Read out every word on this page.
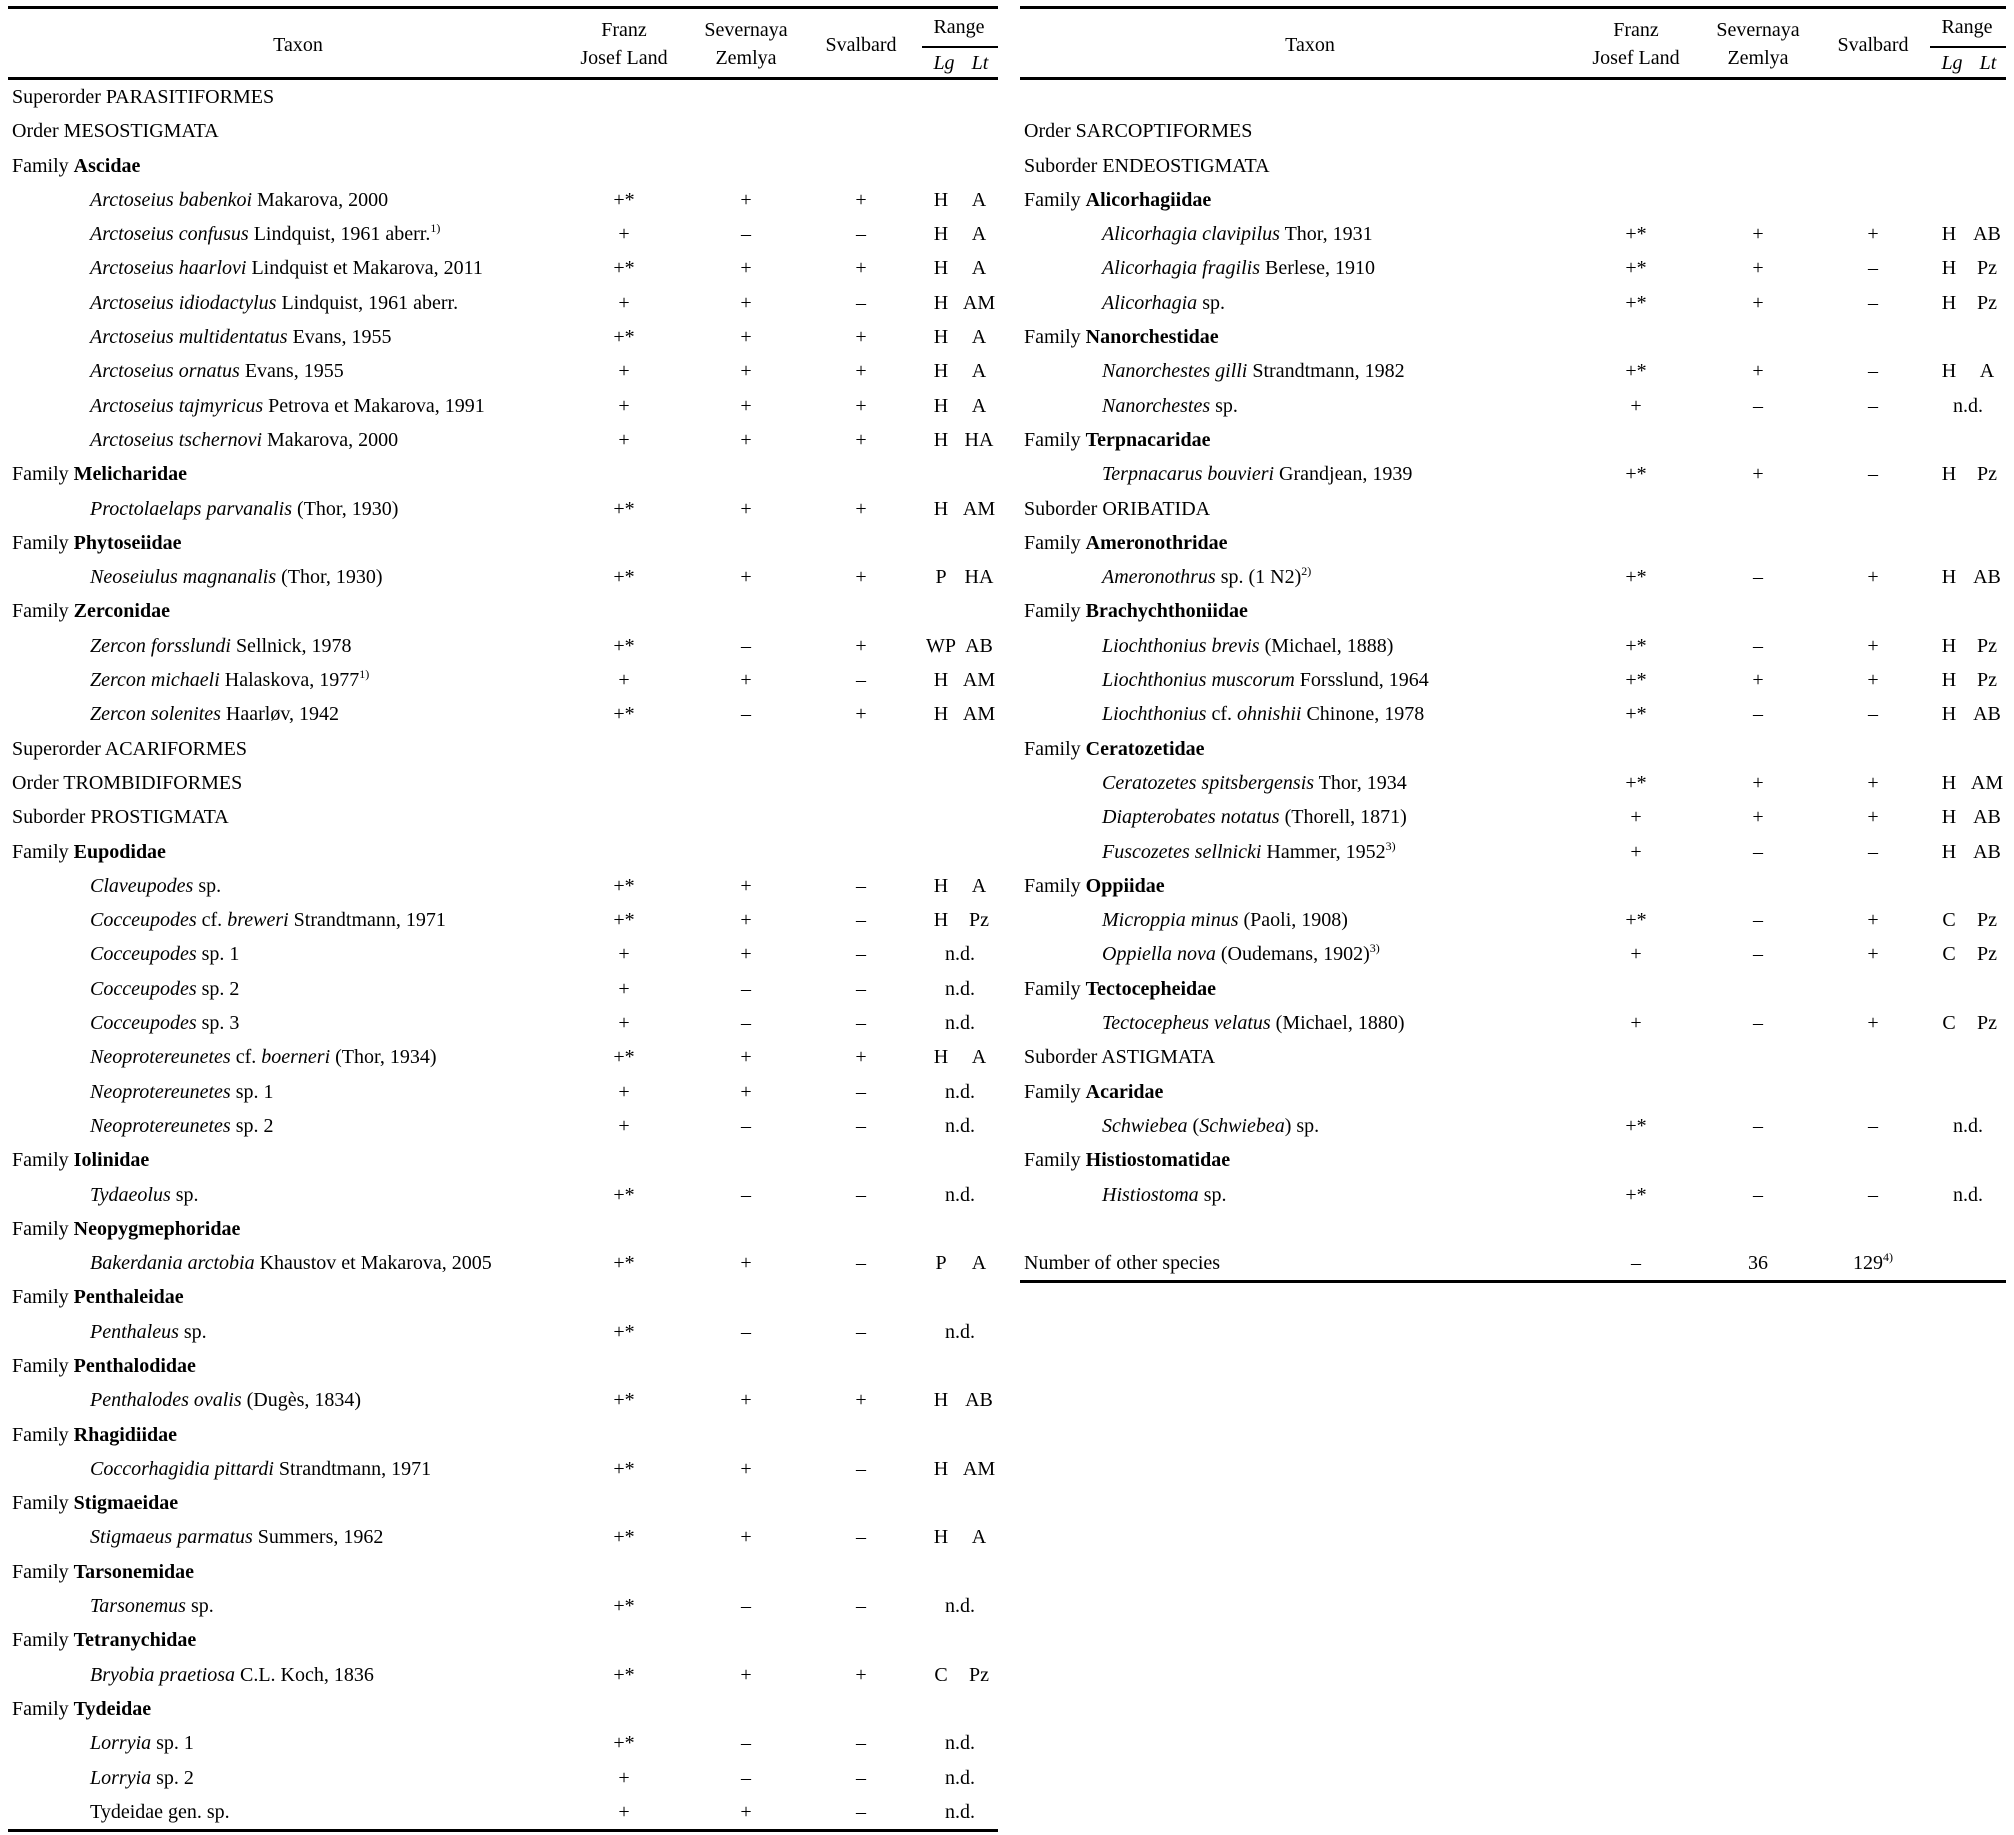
Taxon
Franz Josef Land
Severnaya Zemlya
Svalbard
Range
Lg Lt
Superorder PARASITIFORMES
Order MESOSTIGMATA
Family Ascidae
Arctoseius babenkoi Makarova, 2000	+*	+	+	H	A
Arctoseius confusus Lindquist, 1961 aberr.$^{1)}$	+	–	–	H	A
Arctoseius haarlovi Lindquist et Makarova, 2011	+*	+	+	H	A
Arctoseius idiodactylus Lindquist, 1961 aberr.	+	+	–	H AM
Arctoseius multidentatus Evans, 1955	+*	+	+	H	A
Arctoseius ornatus Evans, 1955	+	+	+	H	A
Arctoseius tajmyricus Petrova et Makarova, 1991	+	+	+	H	A
Arctoseius tschernovi Makarova, 2000	+	+	+	H HA
Family Melicharidae
Proctolaelaps parvanalis (Thor, 1930)	+*	+	+	H AM
Family Phytoseiidae
Neoseiulus magnanalis (Thor, 1930)	+*	+	+	P HA
Family Zerconidae
Zercon forsslundi Sellnick, 1978	+*	–	+	WP AB
Zercon michaeli Halaskova, $1977^{1)}$	+	+	–	H AM
Zercon solenites Haarløv, 1942	+*	–	+	H AM
Superorder ACARIFORMES
Order TROMBIDIFORMES
Suborder PROSTIGMATA
Family Eupodidae
Claveupodes sp.	+*	+	–	H	A
Cocceupodes cf. breweri Strandtmann, 1971	+*	+	–	H	Pz
Cocceupodes sp. 1	+	+	–	n.d.
Cocceupodes sp. 2	+	–	–	n.d.
Cocceupodes sp. 3	+	–	–	n.d.
Neoprotereunetes cf. boerneri (Thor, 1934)	+*	+	+	H	A
Neoprotereunetes sp. 1	+	+	–	n.d.
Neoprotereunetes sp. 2	+	–	–	n.d.
Family Iolinidae
Tydaeolus sp.	+*	–	–	n.d.
Family Neopygmephoridae
Bakerdania arctobia Khaustov et Makarova, 2005	+*	+	–	P	A
Family Penthaleidae
Penthaleus sp.	+*	–	–	n.d.
Family Penthalodidae
Penthalodes ovalis (Dugès, 1834)	+*	+	+	H AB
Family Rhagidiidae
Coccorhagidia pittardi Strandtmann, 1971	+*	+	–	H AM
Family Stigmaeidae
Stigmaeus parmatus Summers, 1962	+*	+	–	H	A
Family Tarsonemidae
Tarsonemus sp.	+*	–	–	n.d.
Family Tetranychidae
Bryobia praetiosa C.L. Koch, 1836	+*	+	+	C	Pz
Family Tydeidae
Lorryia sp. 1	+*	–	–	n.d.
Lorryia sp. 2	+	–	–	n.d.
Tydeidae gen. sp.	+	+	–	n.d.
Taxon
Franz Josef Land
Severnaya Zemlya
Svalbard
Range
Lg Lt
Order SARCOPTIFORMES
Suborder ENDEOSTIGMATA
Family Alicorhagiidae
Alicorhagia clavipilus Thor, 1931	+*	+	+	H AB
Alicorhagia fragilis Berlese, 1910	+*	+	–	H	Pz
Alicorhagia sp.	+*	+	–	H	Pz
Family Nanorchestidae
Nanorchestes gilli Strandtmann, 1982	+*	+	–	H	A
Nanorchestes sp.	+	–	–	n.d.
Family Terpnacaridae
Terpnacarus bouvieri Grandjean, 1939	+*	+	–	H	Pz
Suborder ORIBATIDA
Family Ameronothridae
Ameronothrus sp. (1 N2)$^{2)}$	+*	–	+	H AB
Family Brachychthoniidae
Liochthonius brevis (Michael, 1888)	+*	–	+	H	Pz
Liochthonius muscorum Forsslund, 1964	+*	+	+	H	Pz
Liochthonius cf. ohnishii Chinone, 1978	+*	–	–	H AB
Family Ceratozetidae
Ceratozetes spitsbergensis Thor, 1934	+*	+	+	H AM
Diapterobates notatus (Thorell, 1871)	+	+	+	H AB
Fuscozetes sellnicki Hammer, $1952^{3)}$	+	–	–	H AB
Family Oppiidae
Microppia minus (Paoli, 1908)	+*	–	+	C	Pz
Oppiella nova (Oudemans, 1902)$^{3)}$	+	–	+	C	Pz
Family Tectocepheidae
Tectocepheus velatus (Michael, 1880)	+	–	+	C	Pz
Suborder ASTIGMATA
Family Acaridae
Schwiebea (Schwiebea) sp.	+*	–	–	n.d.
Family Histiostomatidae
Histiostoma sp.	+*	–	–	n.d.
Number of other species	–	36	129$^{4)}$
